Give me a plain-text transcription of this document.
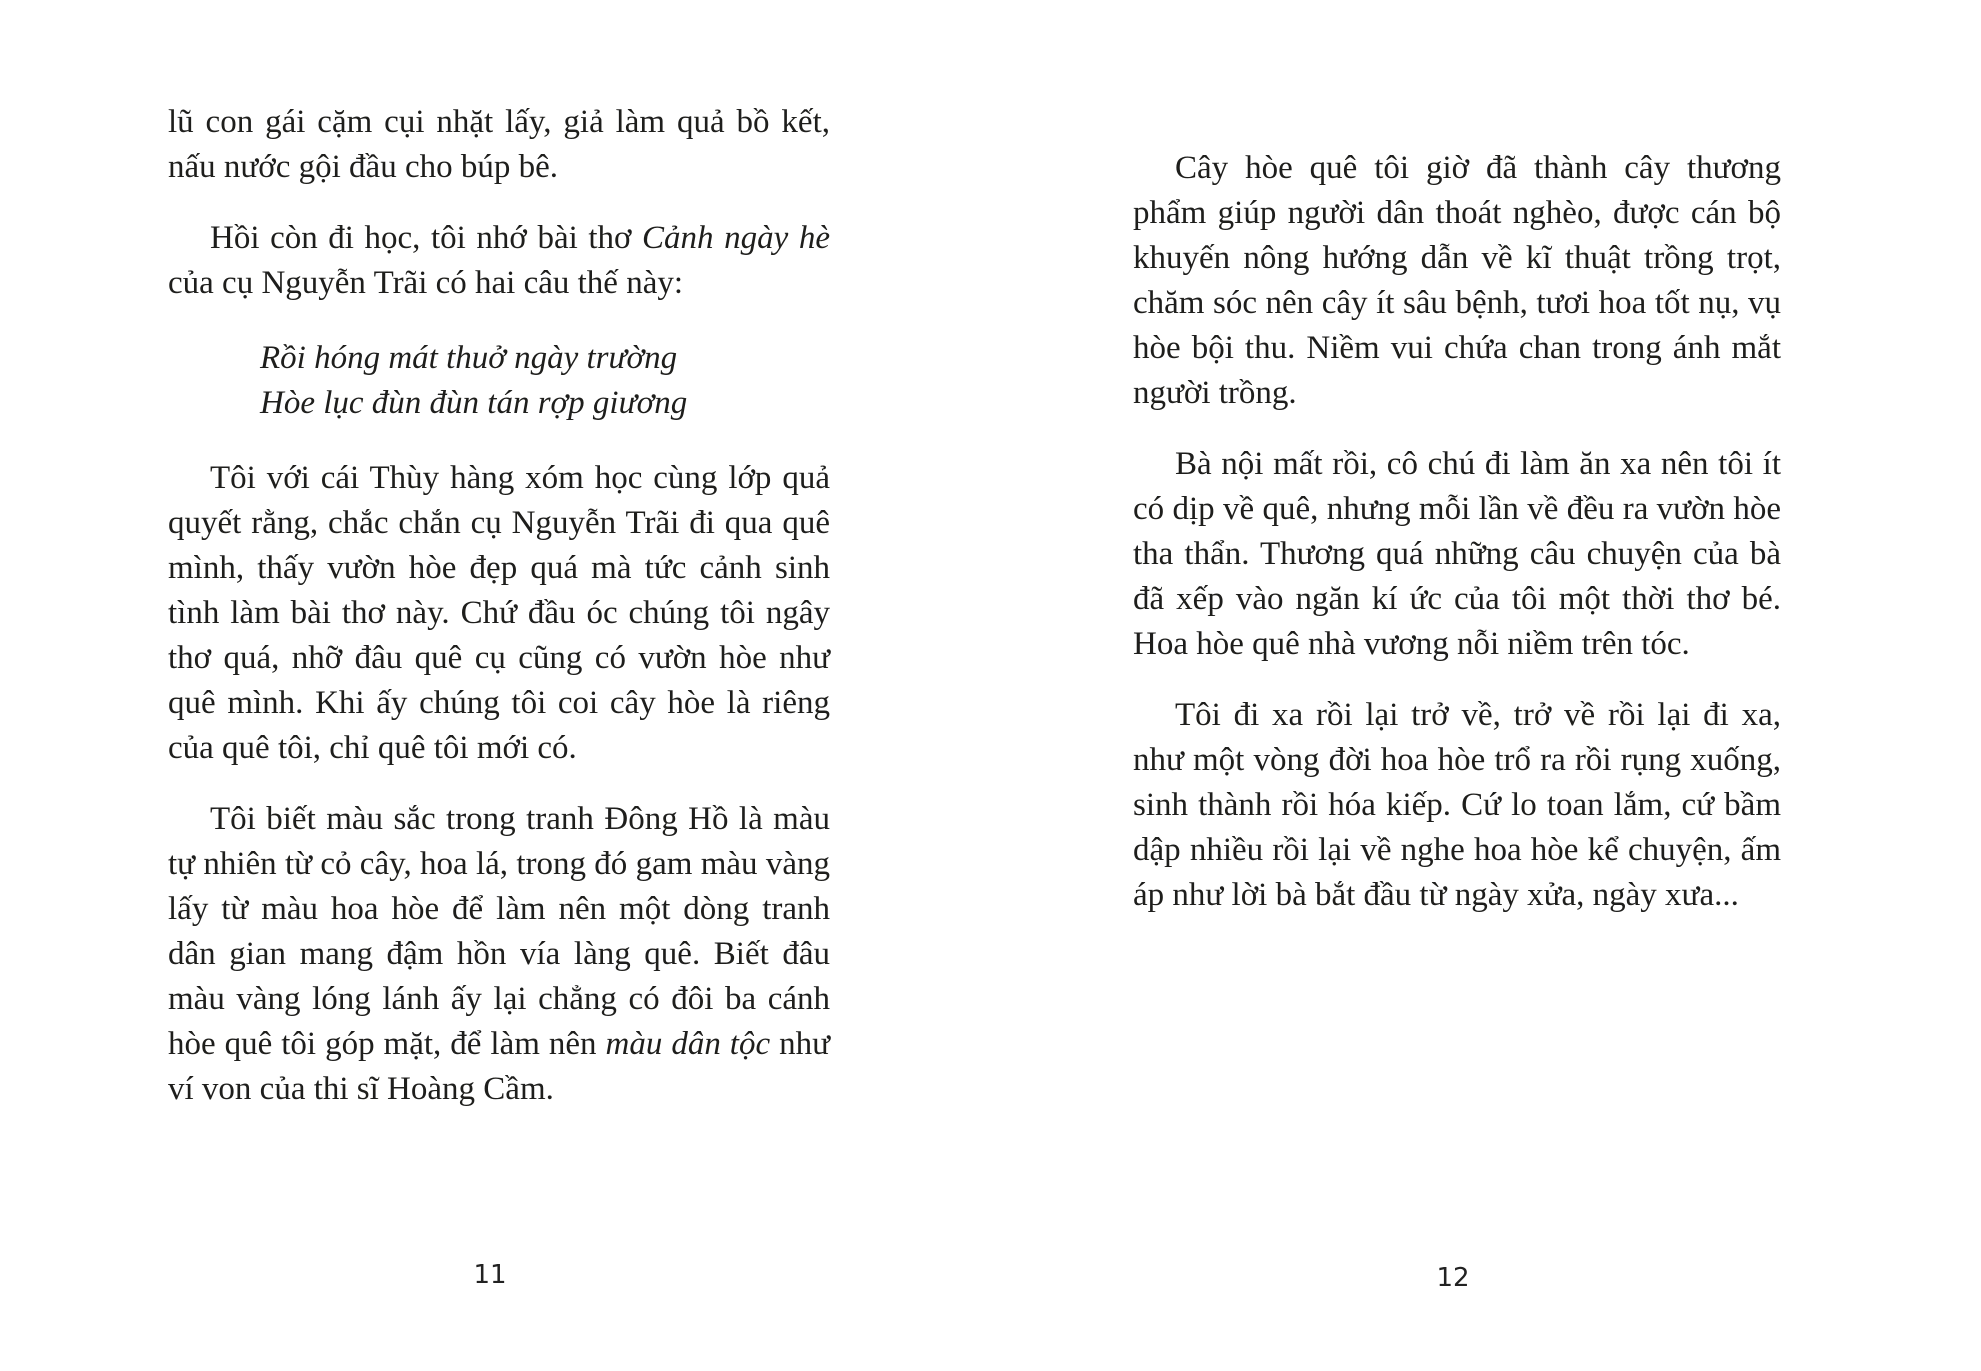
lũ con gái cặm cụi nhặt lấy, giả làm quả bồ kết, nấu nước gội đầu cho búp bê.

Hồi còn đi học, tôi nhớ bài thơ Cảnh ngày hè của cụ Nguyễn Trãi có hai câu thế này:

Rồi hóng mát thuở ngày trường
Hòe lục đùn đùn tán rợp giương

Tôi với cái Thùy hàng xóm học cùng lớp quả quyết rằng, chắc chắn cụ Nguyễn Trãi đi qua quê mình, thấy vườn hòe đẹp quá mà tức cảnh sinh tình làm bài thơ này. Chứ đầu óc chúng tôi ngây thơ quá, nhỡ đâu quê cụ cũng có vườn hòe như quê mình. Khi ấy chúng tôi coi cây hòe là riêng của quê tôi, chỉ quê tôi mới có.

Tôi biết màu sắc trong tranh Đông Hồ là màu tự nhiên từ cỏ cây, hoa lá, trong đó gam màu vàng lấy từ màu hoa hòe để làm nên một dòng tranh dân gian mang đậm hồn vía làng quê. Biết đâu màu vàng lóng lánh ấy lại chẳng có đôi ba cánh hòe quê tôi góp mặt, để làm nên màu dân tộc như ví von của thi sĩ Hoàng Cầm.

Cây hòe quê tôi giờ đã thành cây thương phẩm giúp người dân thoát nghèo, được cán bộ khuyến nông hướng dẫn về kĩ thuật trồng trọt, chăm sóc nên cây ít sâu bệnh, tươi hoa tốt nụ, vụ hòe bội thu. Niềm vui chứa chan trong ánh mắt người trồng.

Bà nội mất rồi, cô chú đi làm ăn xa nên tôi ít có dịp về quê, nhưng mỗi lần về đều ra vườn hòe tha thẩn. Thương quá những câu chuyện của bà đã xếp vào ngăn kí ức của tôi một thời thơ bé. Hoa hòe quê nhà vương nỗi niềm trên tóc.

Tôi đi xa rồi lại trở về, trở về rồi lại đi xa, như một vòng đời hoa hòe trổ ra rồi rụng xuống, sinh thành rồi hóa kiếp. Cứ lo toan lắm, cứ bầm dập nhiều rồi lại về nghe hoa hòe kể chuyện, ấm áp như lời bà bắt đầu từ ngày xửa, ngày xưa...

11	12
